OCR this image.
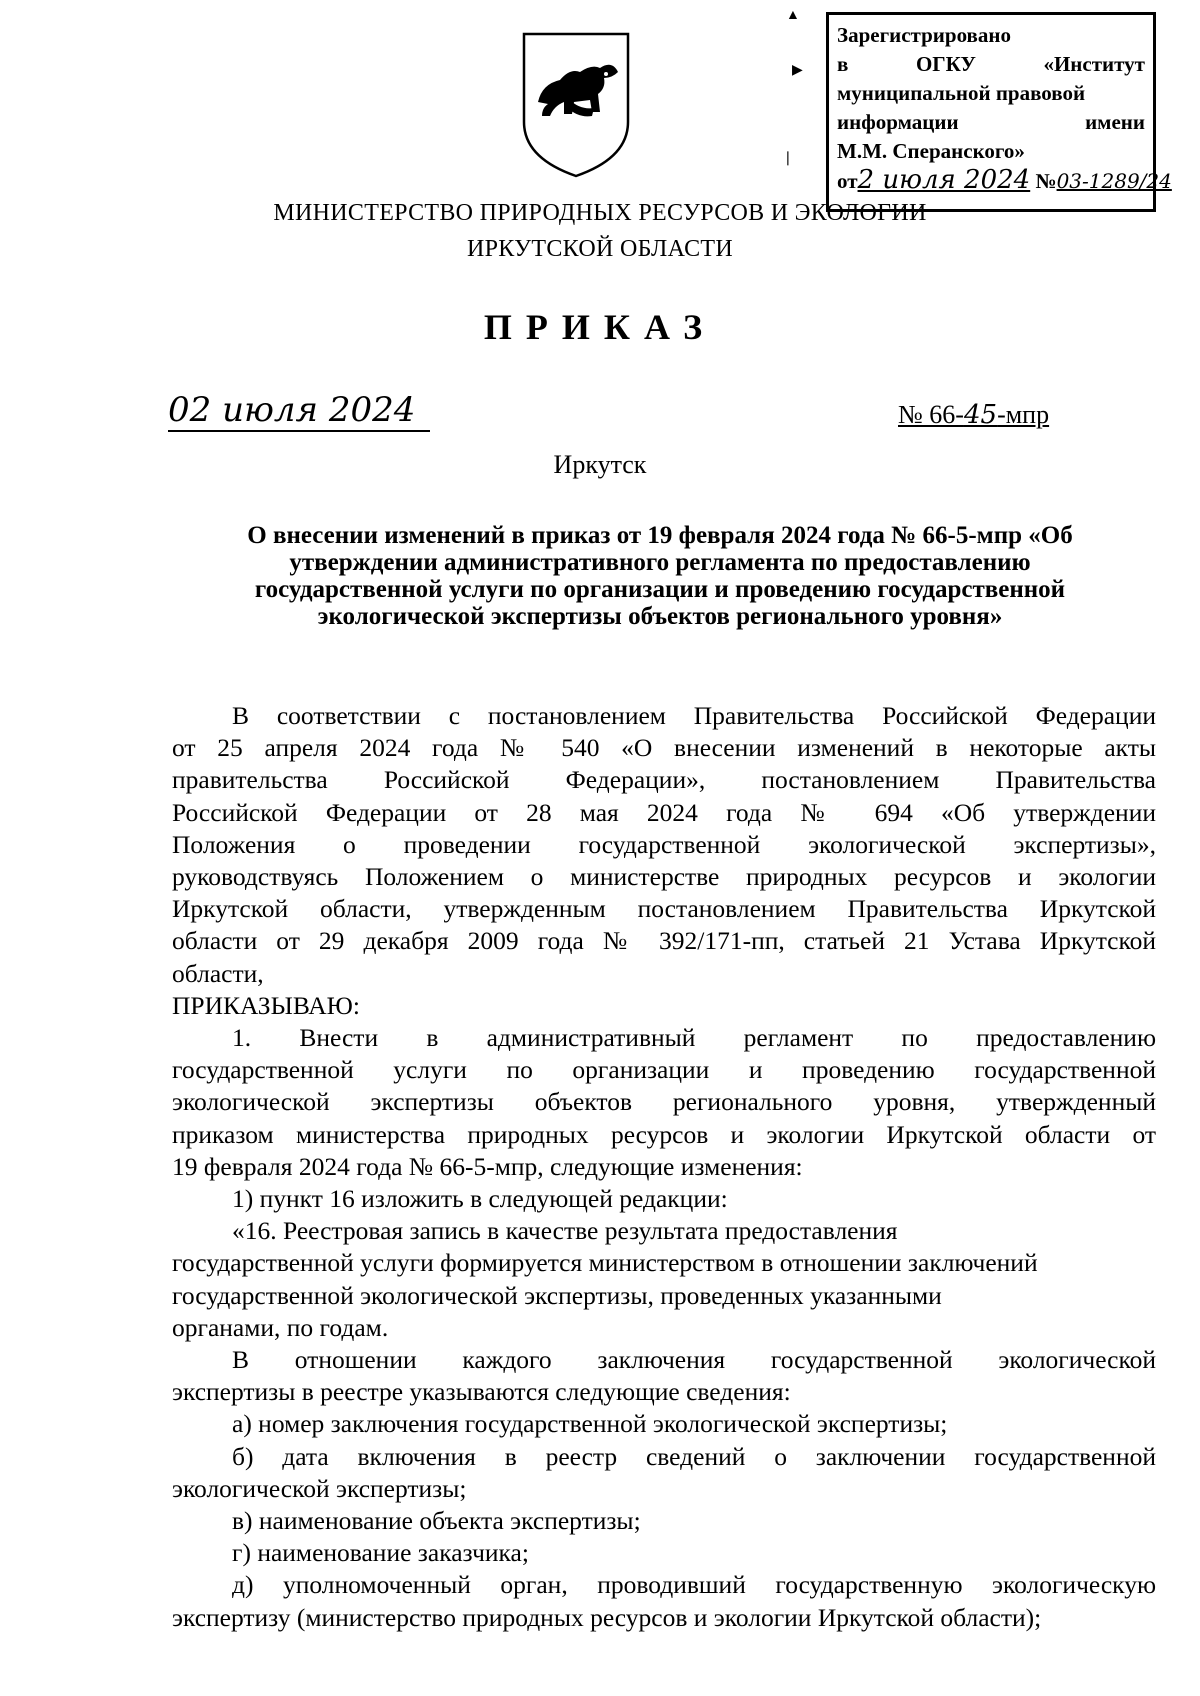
Зарегистрировано
в	ОГКУ	«Институт
муниципальной правовой
информации	имени
М.М. Сперанского»
от2 июля 2024 №03-1289/24
▲
▶
❘
МИНИСТЕРСТВО ПРИРОДНЫХ РЕСУРСОВ И ЭКОЛОГИИ
ИРКУТСКОЙ ОБЛАСТИ
ПРИКАЗ
02 июля 2024	№ 66-45-мпр
Иркутск
О внесении изменений в приказ от 19 февраля 2024 года № 66-5-мпр «Об
утверждении административного регламента по предоставлению
государственной услуги по организации и проведению государственной
экологической экспертизы объектов регионального уровня»

В соответствии с постановлением Правительства Российской Федерации

от 25 апреля 2024 года № 540 «О внесении изменений в некоторые акты

правительства Российской Федерации», постановлением Правительства

Российской Федерации от 28 мая 2024 года № 694 «Об утверждении

Положения о проведении государственной экологической экспертизы»,

руководствуясь Положением о министерстве природных ресурсов и экологии

Иркутской области, утвержденным постановлением Правительства Иркутской

области от 29 декабря 2009 года № 392/171-пп, статьей 21 Устава Иркутской

области,

ПРИКАЗЫВАЮ:

1. Внести в административный регламент по предоставлению

государственной услуги по организации и проведению государственной

экологической экспертизы объектов регионального уровня, утвержденный

приказом министерства природных ресурсов и экологии Иркутской области от

19 февраля 2024 года № 66-5-мпр, следующие изменения:

1) пункт 16 изложить в следующей редакции:

«16. Реестровая запись в качестве результата предоставления

государственной услуги формируется министерством в отношении заключений

государственной экологической экспертизы, проведенных указанными

органами, по годам.

В отношении каждого заключения государственной экологической

экспертизы в реестре указываются следующие сведения:

а) номер заключения государственной экологической экспертизы;

б) дата включения в реестр сведений о заключении государственной

экологической экспертизы;

в) наименование объекта экспертизы;

г) наименование заказчика;

д) уполномоченный орган, проводивший государственную экологическую

экспертизу (министерство природных ресурсов и экологии Иркутской области);
